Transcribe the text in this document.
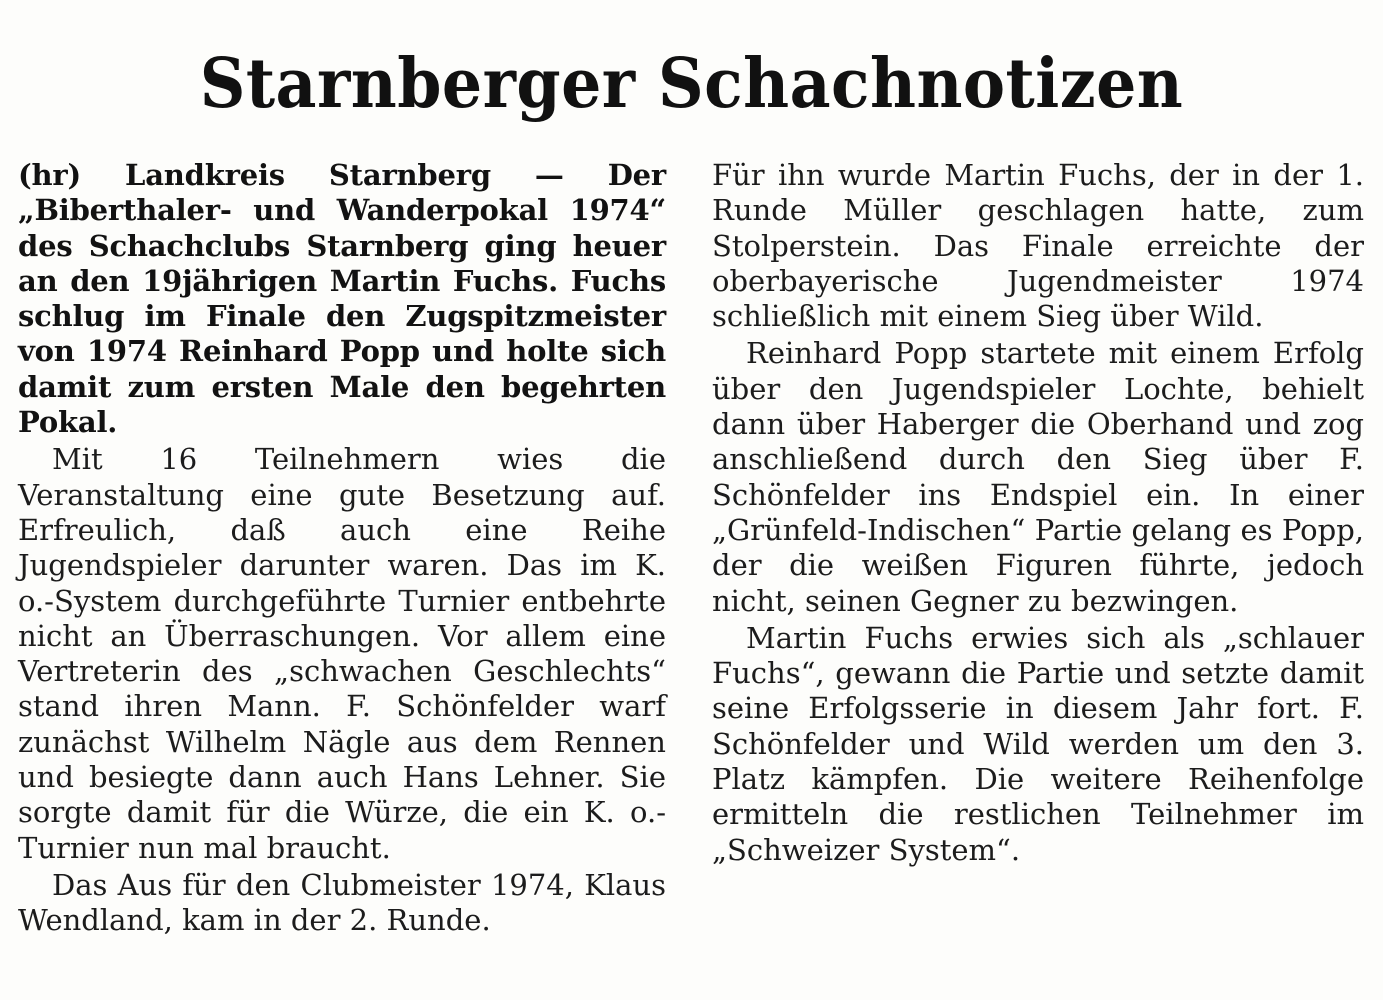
Starnberger Schachnotizen

(hr) Landkreis Starnberg — Der „Biberthaler- und Wanderpokal 1974“ des Schachclubs Starnberg ging heuer an den 19jährigen Martin Fuchs. Fuchs schlug im Finale den Zugspitzmeister von 1974 Reinhard Popp und holte sich damit zum ersten Male den begehrten Pokal.

Mit 16 Teilnehmern wies die Veranstaltung eine gute Besetzung auf. Erfreulich, daß auch eine Reihe Jugendspieler darunter waren. Das im K. o.-System durchgeführte Turnier entbehrte nicht an Überraschungen. Vor allem eine Vertreterin des „schwachen Geschlechts“ stand ihren Mann. F. Schönfelder warf zunächst Wilhelm Nägle aus dem Rennen und besiegte dann auch Hans Lehner. Sie sorgte damit für die Würze, die ein K. o.-Turnier nun mal braucht.

Das Aus für den Clubmeister 1974, Klaus Wendland, kam in der 2. Runde.

Für ihn wurde Martin Fuchs, der in der 1. Runde Müller geschlagen hatte, zum Stolperstein. Das Finale erreichte der oberbayerische Jugendmeister 1974 schließlich mit einem Sieg über Wild.

Reinhard Popp startete mit einem Erfolg über den Jugendspieler Lochte, behielt dann über Haberger die Oberhand und zog anschließend durch den Sieg über F. Schönfelder ins Endspiel ein. In einer „Grünfeld-Indischen“ Partie gelang es Popp, der die weißen Figuren führte, jedoch nicht, seinen Gegner zu bezwingen.

Martin Fuchs erwies sich als „schlauer Fuchs“, gewann die Partie und setzte damit seine Erfolgsserie in diesem Jahr fort. F. Schönfelder und Wild werden um den 3. Platz kämpfen. Die weitere Reihenfolge ermitteln die restlichen Teilnehmer im „Schweizer System“.
